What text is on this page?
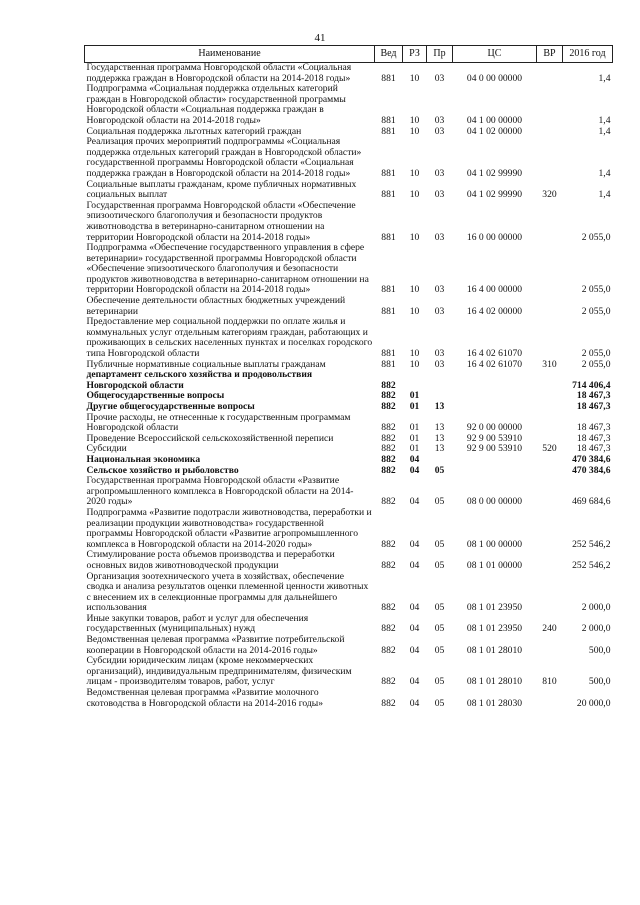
41
Наименование	Вед	РЗ	Пр	ЦС	ВР	2016 год
Государственная программа Новгородской области «Социальная поддержка граждан в Новгородской области на 2014-2018 годы»	881	10	03	04 0 00 00000		1,4
Подпрограмма «Социальная поддержка отдельных категорий граждан в Новгородской области» государственной программы Новгородской области «Социальная поддержка граждан в Новгородской области на 2014-2018 годы»	881	10	03	04 1 00 00000		1,4
Социальная поддержка льготных категорий граждан	881	10	03	04 1 02 00000		1,4
Реализация прочих мероприятий подпрограммы «Социальная поддержка отдельных категорий граждан в Новгородской области» государственной программы Новгородской области «Социальная поддержка граждан в Новгородской области на 2014-2018 годы»	881	10	03	04 1 02 99990		1,4
Социальные выплаты гражданам, кроме публичных нормативных социальных выплат	881	10	03	04 1 02 99990	320	1,4
Государственная программа Новгородской области «Обеспечение эпизоотического благополучия и безопасности продуктов животноводства в ветеринарно-санитарном отношении на территории Новгородской области на 2014-2018 годы»	881	10	03	16 0 00 00000		2 055,0
Подпрограмма «Обеспечение государственного управления в сфере ветеринарии» государственной программы Новгородской области «Обеспечение эпизоотического благополучия и безопасности продуктов животноводства в ветеринарно-санитарном отношении на территории Новгородской области на 2014-2018 годы»	881	10	03	16 4 00 00000		2 055,0
Обеспечение деятельности областных бюджетных учреждений ветеринарии	881	10	03	16 4 02 00000		2 055,0
Предоставление мер социальной поддержки по оплате жилья и коммунальных услуг отдельным категориям граждан, работающих и проживающих в сельских населенных пунктах и поселках городского типа Новгородской области	881	10	03	16 4 02 61070		2 055,0
Публичные нормативные социальные выплаты гражданам	881	10	03	16 4 02 61070	310	2 055,0
департамент сельского хозяйства и продовольствия Новгородской области	882					714 406,4
Общегосударственные вопросы	882	01				18 467,3
Другие общегосударственные вопросы	882	01	13			18 467,3
Прочие расходы, не отнесенные к государственным программам Новгородской области	882	01	13	92 0 00 00000		18 467,3
Проведение Всероссийской сельскохозяйственной переписи	882	01	13	92 9 00 53910		18 467,3
Субсидии	882	01	13	92 9 00 53910	520	18 467,3
Национальная экономика	882	04				470 384,6
Сельское хозяйство и рыболовство	882	04	05			470 384,6
Государственная программа Новгородской области «Развитие агропромышленного комплекса в Новгородской области на 2014-2020 годы»	882	04	05	08 0 00 00000		469 684,6
Подпрограмма «Развитие подотрасли животноводства, переработки и реализации продукции животноводства» государственной программы Новгородской области «Развитие агропромышленного комплекса в Новгородской области на 2014-2020 годы»	882	04	05	08 1 00 00000		252 546,2
Стимулирование роста объемов производства и переработки основных видов животноводческой продукции	882	04	05	08 1 01 00000		252 546,2
Организация зоотехнического учета в хозяйствах, обеспечение сводка и анализа результатов оценки племенной ценности животных с внесением их в селекционные программы для дальнейшего использования	882	04	05	08 1 01 23950		2 000,0
Иные закупки товаров, работ и услуг для обеспечения государственных (муниципальных) нужд	882	04	05	08 1 01 23950	240	2 000,0
Ведомственная целевая программа «Развитие потребительской кооперации в Новгородской области на 2014-2016 годы»	882	04	05	08 1 01 28010		500,0
Субсидии юридическим лицам (кроме некоммерческих организаций), индивидуальным предпринимателям, физическим лицам - производителям товаров, работ, услуг	882	04	05	08 1 01 28010	810	500,0
Ведомственная целевая программа «Развитие молочного скотоводства в Новгородской области на 2014-2016 годы»	882	04	05	08 1 01 28030		20 000,0
